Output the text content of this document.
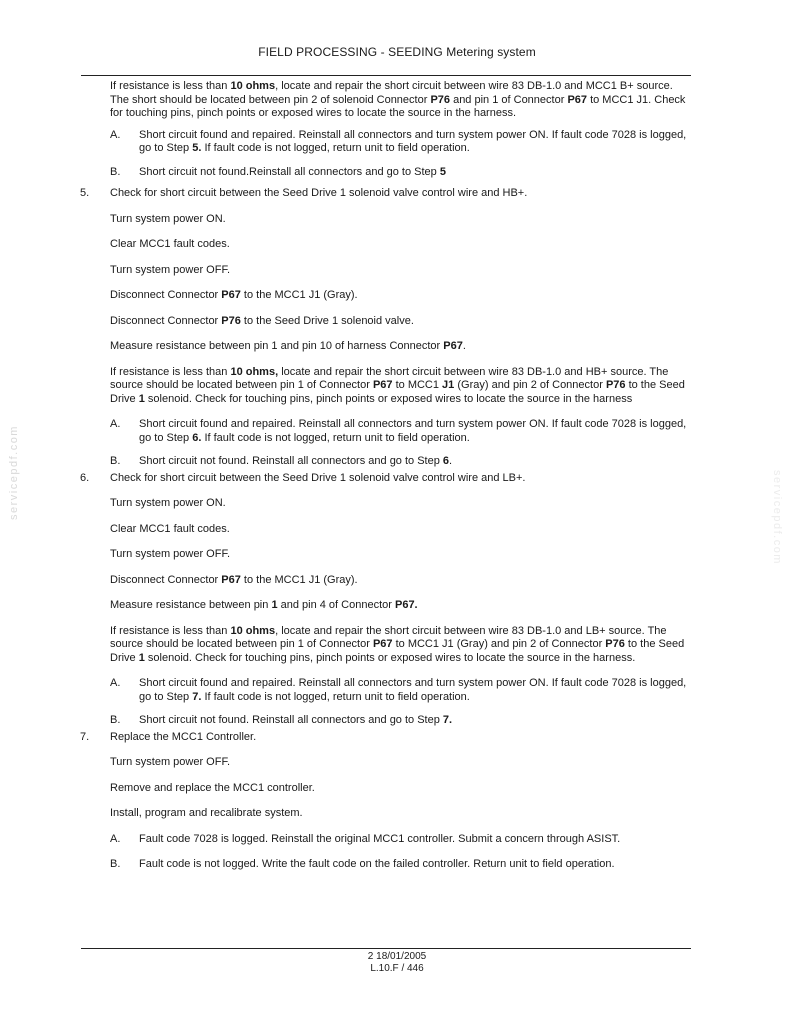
FIELD PROCESSING - SEEDING Metering system
If resistance is less than 10 ohms, locate and repair the short circuit between wire 83 DB-1.0 and MCC1 B+ source. The short should be located between pin 2 of solenoid Connector P76 and pin 1 of Connector P67 to MCC1 J1. Check for touching pins, pinch points or exposed wires to locate the source in the harness.
A. Short circuit found and repaired. Reinstall all connectors and turn system power ON. If fault code 7028 is logged, go to Step 5. If fault code is not logged, return unit to field operation.
B. Short circuit not found.Reinstall all connectors and go to Step 5
5. Check for short circuit between the Seed Drive 1 solenoid valve control wire and HB+.
Turn system power ON.
Clear MCC1 fault codes.
Turn system power OFF.
Disconnect Connector P67 to the MCC1 J1 (Gray).
Disconnect Connector P76 to the Seed Drive 1 solenoid valve.
Measure resistance between pin 1 and pin 10 of harness Connector P67.
If resistance is less than 10 ohms, locate and repair the short circuit between wire 83 DB-1.0 and HB+ source. The source should be located between pin 1 of Connector P67 to MCC1 J1 (Gray) and pin 2 of Connector P76 to the Seed Drive 1 solenoid. Check for touching pins, pinch points or exposed wires to locate the source in the harness
A. Short circuit found and repaired. Reinstall all connectors and turn system power ON. If fault code 7028 is logged, go to Step 6. If fault code is not logged, return unit to field operation.
B. Short circuit not found. Reinstall all connectors and go to Step 6.
6. Check for short circuit between the Seed Drive 1 solenoid valve control wire and LB+.
Turn system power ON.
Clear MCC1 fault codes.
Turn system power OFF.
Disconnect Connector P67 to the MCC1 J1 (Gray).
Measure resistance between pin 1 and pin 4 of Connector P67.
If resistance is less than 10 ohms, locate and repair the short circuit between wire 83 DB-1.0 and LB+ source. The source should be located between pin 1 of Connector P67 to MCC1 J1 (Gray) and pin 2 of Connector P76 to the Seed Drive 1 solenoid. Check for touching pins, pinch points or exposed wires to locate the source in the harness.
A. Short circuit found and repaired. Reinstall all connectors and turn system power ON. If fault code 7028 is logged, go to Step 7. If fault code is not logged, return unit to field operation.
B. Short circuit not found. Reinstall all connectors and go to Step 7.
7. Replace the MCC1 Controller.
Turn system power OFF.
Remove and replace the MCC1 controller.
Install, program and recalibrate system.
A. Fault code 7028 is logged. Reinstall the original MCC1 controller. Submit a concern through ASIST.
B. Fault code is not logged. Write the fault code on the failed controller. Return unit to field operation.
2 18/01/2005
L.10.F / 446
servicepdf.com	servicepdf.com
